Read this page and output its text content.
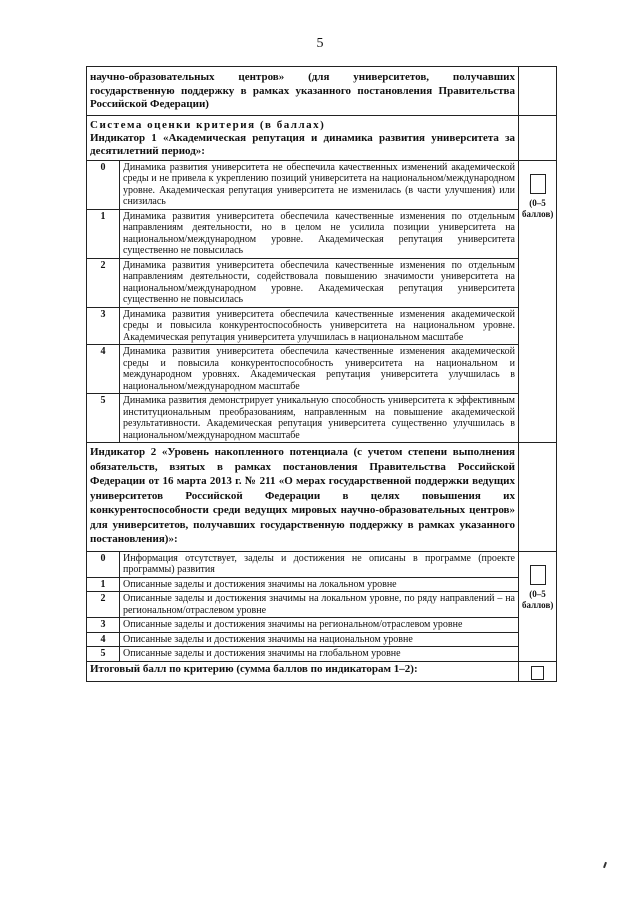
5
научно-образовательных центров» (для университетов, получавших государственную поддержку в рамках указанного постановления Правительства Российской Федерации)	

Система оценки критерия (в баллах)
Индикатор 1 «Академическая репутация и динамика развития университета за десятилетний период»:

0	Динамика развития университета не обеспечила качественных изменений академической среды и не привела к укреплению позиций университета на национальном/международном уровне. Академическая репутация университета не изменилась (в части улучшения) или снизилась
1	Динамика развития университета обеспечила качественные изменения по отдельным направлениям деятельности, но в целом не усилила позиции университета на национальном/международном уровне. Академическая репутация университета существенно не повысилась
2	Динамика развития университета обеспечила качественные изменения по отдельным направлениям деятельности, содействовала повышению значимости университета на национальном/международном уровне. Академическая репутация университета существенно не повысилась
3	Динамика развития университета обеспечила качественные изменения академической среды и повысила конкурентоспособность университета на национальном уровне. Академическая репутация университета улучшилась в национальном масштабе
4	Динамика развития университета обеспечила качественные изменения академической среды и повысила конкурентоспособность университета на национальном и международном уровнях. Академическая репутация университета улучшилась в национальном/международном масштабе
5	Динамика развития демонстрирует уникальную способность университета к эффективным институциональным преобразованиям, направленным на повышение академической результативности. Академическая репутация университета существенно улучшилась в национальном/международном масштабе

(0–5 баллов)

Индикатор 2 «Уровень накопленного потенциала (с учетом степени выполнения обязательств, взятых в рамках постановления Правительства Российской Федерации от 16 марта 2013 г. № 211 «О мерах государственной поддержки ведущих университетов Российской Федерации в целях повышения их конкурентоспособности среди ведущих мировых научно-образовательных центров» для университетов, получавших государственную поддержку в рамках указанного постановления)»:	

0	Информация отсутствует, заделы и достижения не описаны в программе (проекте программы) развития
1	Описанные заделы и достижения значимы на локальном уровне
2	Описанные заделы и достижения значимы на локальном уровне, по ряду направлений – на региональном/отраслевом уровне
3	Описанные заделы и достижения значимы на региональном/отраслевом уровне
4	Описанные заделы и достижения значимы на национальном уровне
5	Описанные заделы и достижения значимы на глобальном уровне

(0–5 баллов)

Итоговый балл по критерию (сумма баллов по индикаторам 1–2):	
